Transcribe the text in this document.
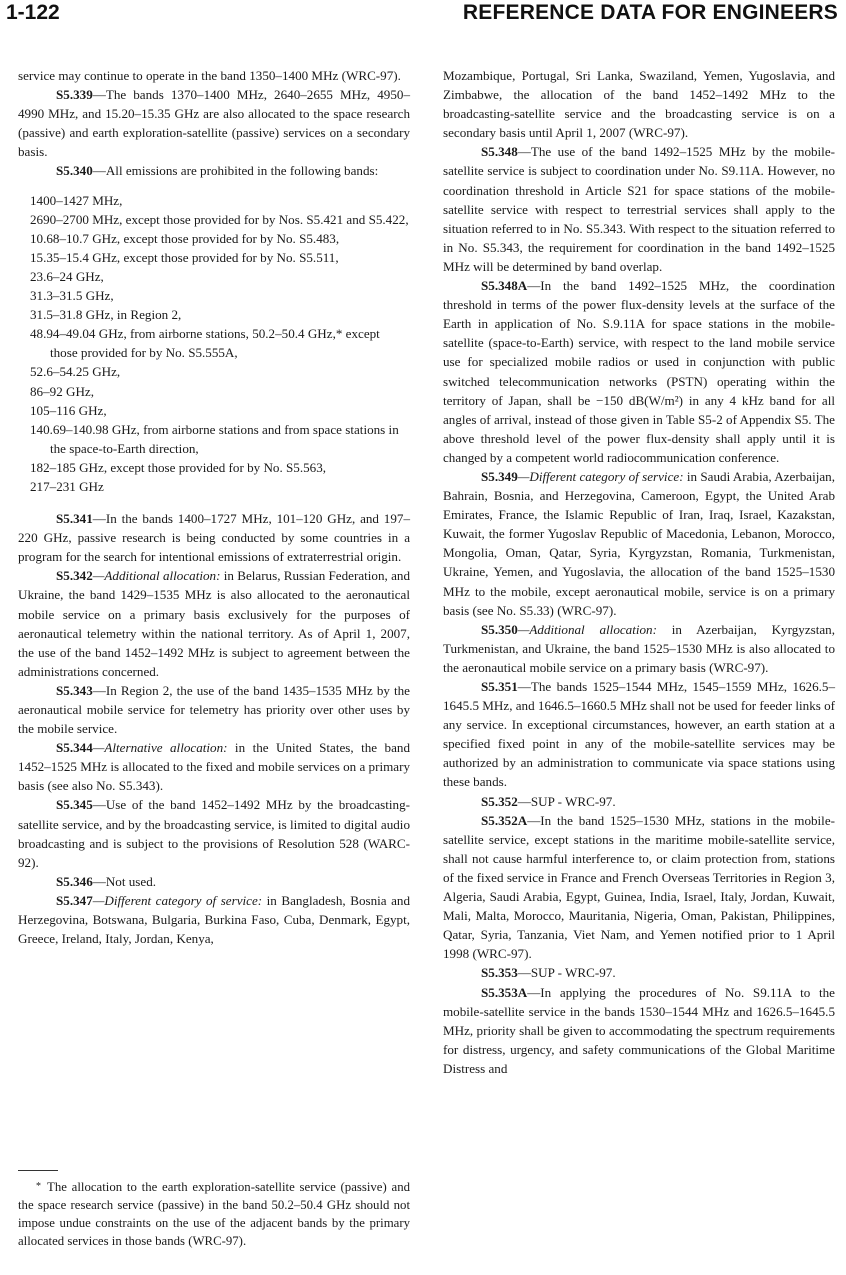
1-122	REFERENCE DATA FOR ENGINEERS

service may continue to operate in the band 1350–1400 MHz (WRC-97).

S5.339—The bands 1370–1400 MHz, 2640–2655 MHz, 4950–4990 MHz, and 15.20–15.35 GHz are also allocated to the space research (passive) and earth exploration-satellite (passive) services on a secondary basis.

S5.340—All emissions are prohibited in the following bands:

1400–1427 MHz,
2690–2700 MHz, except those provided for by Nos. S5.421 and S5.422,
10.68–10.7 GHz, except those provided for by No. S5.483,
15.35–15.4 GHz, except those provided for by No. S5.511,
23.6–24 GHz,
31.3–31.5 GHz,
31.5–31.8 GHz, in Region 2,
48.94–49.04 GHz, from airborne stations, 50.2–50.4 GHz,* except those provided for by No. S5.555A,
52.6–54.25 GHz,
86–92 GHz,
105–116 GHz,
140.69–140.98 GHz, from airborne stations and from space stations in the space-to-Earth direction,
182–185 GHz, except those provided for by No. S5.563,
217–231 GHz

S5.341—In the bands 1400–1727 MHz, 101–120 GHz, and 197–220 GHz, passive research is being conducted by some countries in a program for the search for intentional emissions of extraterrestrial origin.

S5.342—Additional allocation: in Belarus, Russian Federation, and Ukraine, the band 1429–1535 MHz is also allocated to the aeronautical mobile service on a primary basis exclusively for the purposes of aeronautical telemetry within the national territory. As of April 1, 2007, the use of the band 1452–1492 MHz is subject to agreement between the administrations concerned.

S5.343—In Region 2, the use of the band 1435–1535 MHz by the aeronautical mobile service for telemetry has priority over other uses by the mobile service.

S5.344—Alternative allocation: in the United States, the band 1452–1525 MHz is allocated to the fixed and mobile services on a primary basis (see also No. S5.343).

S5.345—Use of the band 1452–1492 MHz by the broadcasting-satellite service, and by the broadcasting service, is limited to digital audio broadcasting and is subject to the provisions of Resolution 528 (WARC-92).

S5.346—Not used.

S5.347—Different category of service: in Bangladesh, Bosnia and Herzegovina, Botswana, Bulgaria, Burkina Faso, Cuba, Denmark, Egypt, Greece, Ireland, Italy, Jordan, Kenya,

* The allocation to the earth exploration-satellite service (passive) and the space research service (passive) in the band 50.2–50.4 GHz should not impose undue constraints on the use of the adjacent bands by the primary allocated services in those bands (WRC-97).

Mozambique, Portugal, Sri Lanka, Swaziland, Yemen, Yugoslavia, and Zimbabwe, the allocation of the band 1452–1492 MHz to the broadcasting-satellite service and the broadcasting service is on a secondary basis until April 1, 2007 (WRC-97).

S5.348—The use of the band 1492–1525 MHz by the mobile-satellite service is subject to coordination under No. S9.11A. However, no coordination threshold in Article S21 for space stations of the mobile-satellite service with respect to terrestrial services shall apply to the situation referred to in No. S5.343. With respect to the situation referred to in No. S5.343, the requirement for coordination in the band 1492–1525 MHz will be determined by band overlap.

S5.348A—In the band 1492–1525 MHz, the coordination threshold in terms of the power flux-density levels at the surface of the Earth in application of No. S.9.11A for space stations in the mobile-satellite (space-to-Earth) service, with respect to the land mobile service use for specialized mobile radios or used in conjunction with public switched telecommunication networks (PSTN) operating within the territory of Japan, shall be −150 dB(W/m²) in any 4 kHz band for all angles of arrival, instead of those given in Table S5-2 of Appendix S5. The above threshold level of the power flux-density shall apply until it is changed by a competent world radiocommunication conference.

S5.349—Different category of service: in Saudi Arabia, Azerbaijan, Bahrain, Bosnia, and Herzegovina, Cameroon, Egypt, the United Arab Emirates, France, the Islamic Republic of Iran, Iraq, Israel, Kazakstan, Kuwait, the former Yugoslav Republic of Macedonia, Lebanon, Morocco, Mongolia, Oman, Qatar, Syria, Kyrgyzstan, Romania, Turkmenistan, Ukraine, Yemen, and Yugoslavia, the allocation of the band 1525–1530 MHz to the mobile, except aeronautical mobile, service is on a primary basis (see No. S5.33) (WRC-97).

S5.350—Additional allocation: in Azerbaijan, Kyrgyzstan, Turkmenistan, and Ukraine, the band 1525–1530 MHz is also allocated to the aeronautical mobile service on a primary basis (WRC-97).

S5.351—The bands 1525–1544 MHz, 1545–1559 MHz, 1626.5–1645.5 MHz, and 1646.5–1660.5 MHz shall not be used for feeder links of any service. In exceptional circumstances, however, an earth station at a specified fixed point in any of the mobile-satellite services may be authorized by an administration to communicate via space stations using these bands.

S5.352—SUP - WRC-97.

S5.352A—In the band 1525–1530 MHz, stations in the mobile-satellite service, except stations in the maritime mobile-satellite service, shall not cause harmful interference to, or claim protection from, stations of the fixed service in France and French Overseas Territories in Region 3, Algeria, Saudi Arabia, Egypt, Guinea, India, Israel, Italy, Jordan, Kuwait, Mali, Malta, Morocco, Mauritania, Nigeria, Oman, Pakistan, Philippines, Qatar, Syria, Tanzania, Viet Nam, and Yemen notified prior to 1 April 1998 (WRC-97).

S5.353—SUP - WRC-97.

S5.353A—In applying the procedures of No. S9.11A to the mobile-satellite service in the bands 1530–1544 MHz and 1626.5–1645.5 MHz, priority shall be given to accommodating the spectrum requirements for distress, urgency, and safety communications of the Global Maritime Distress and
